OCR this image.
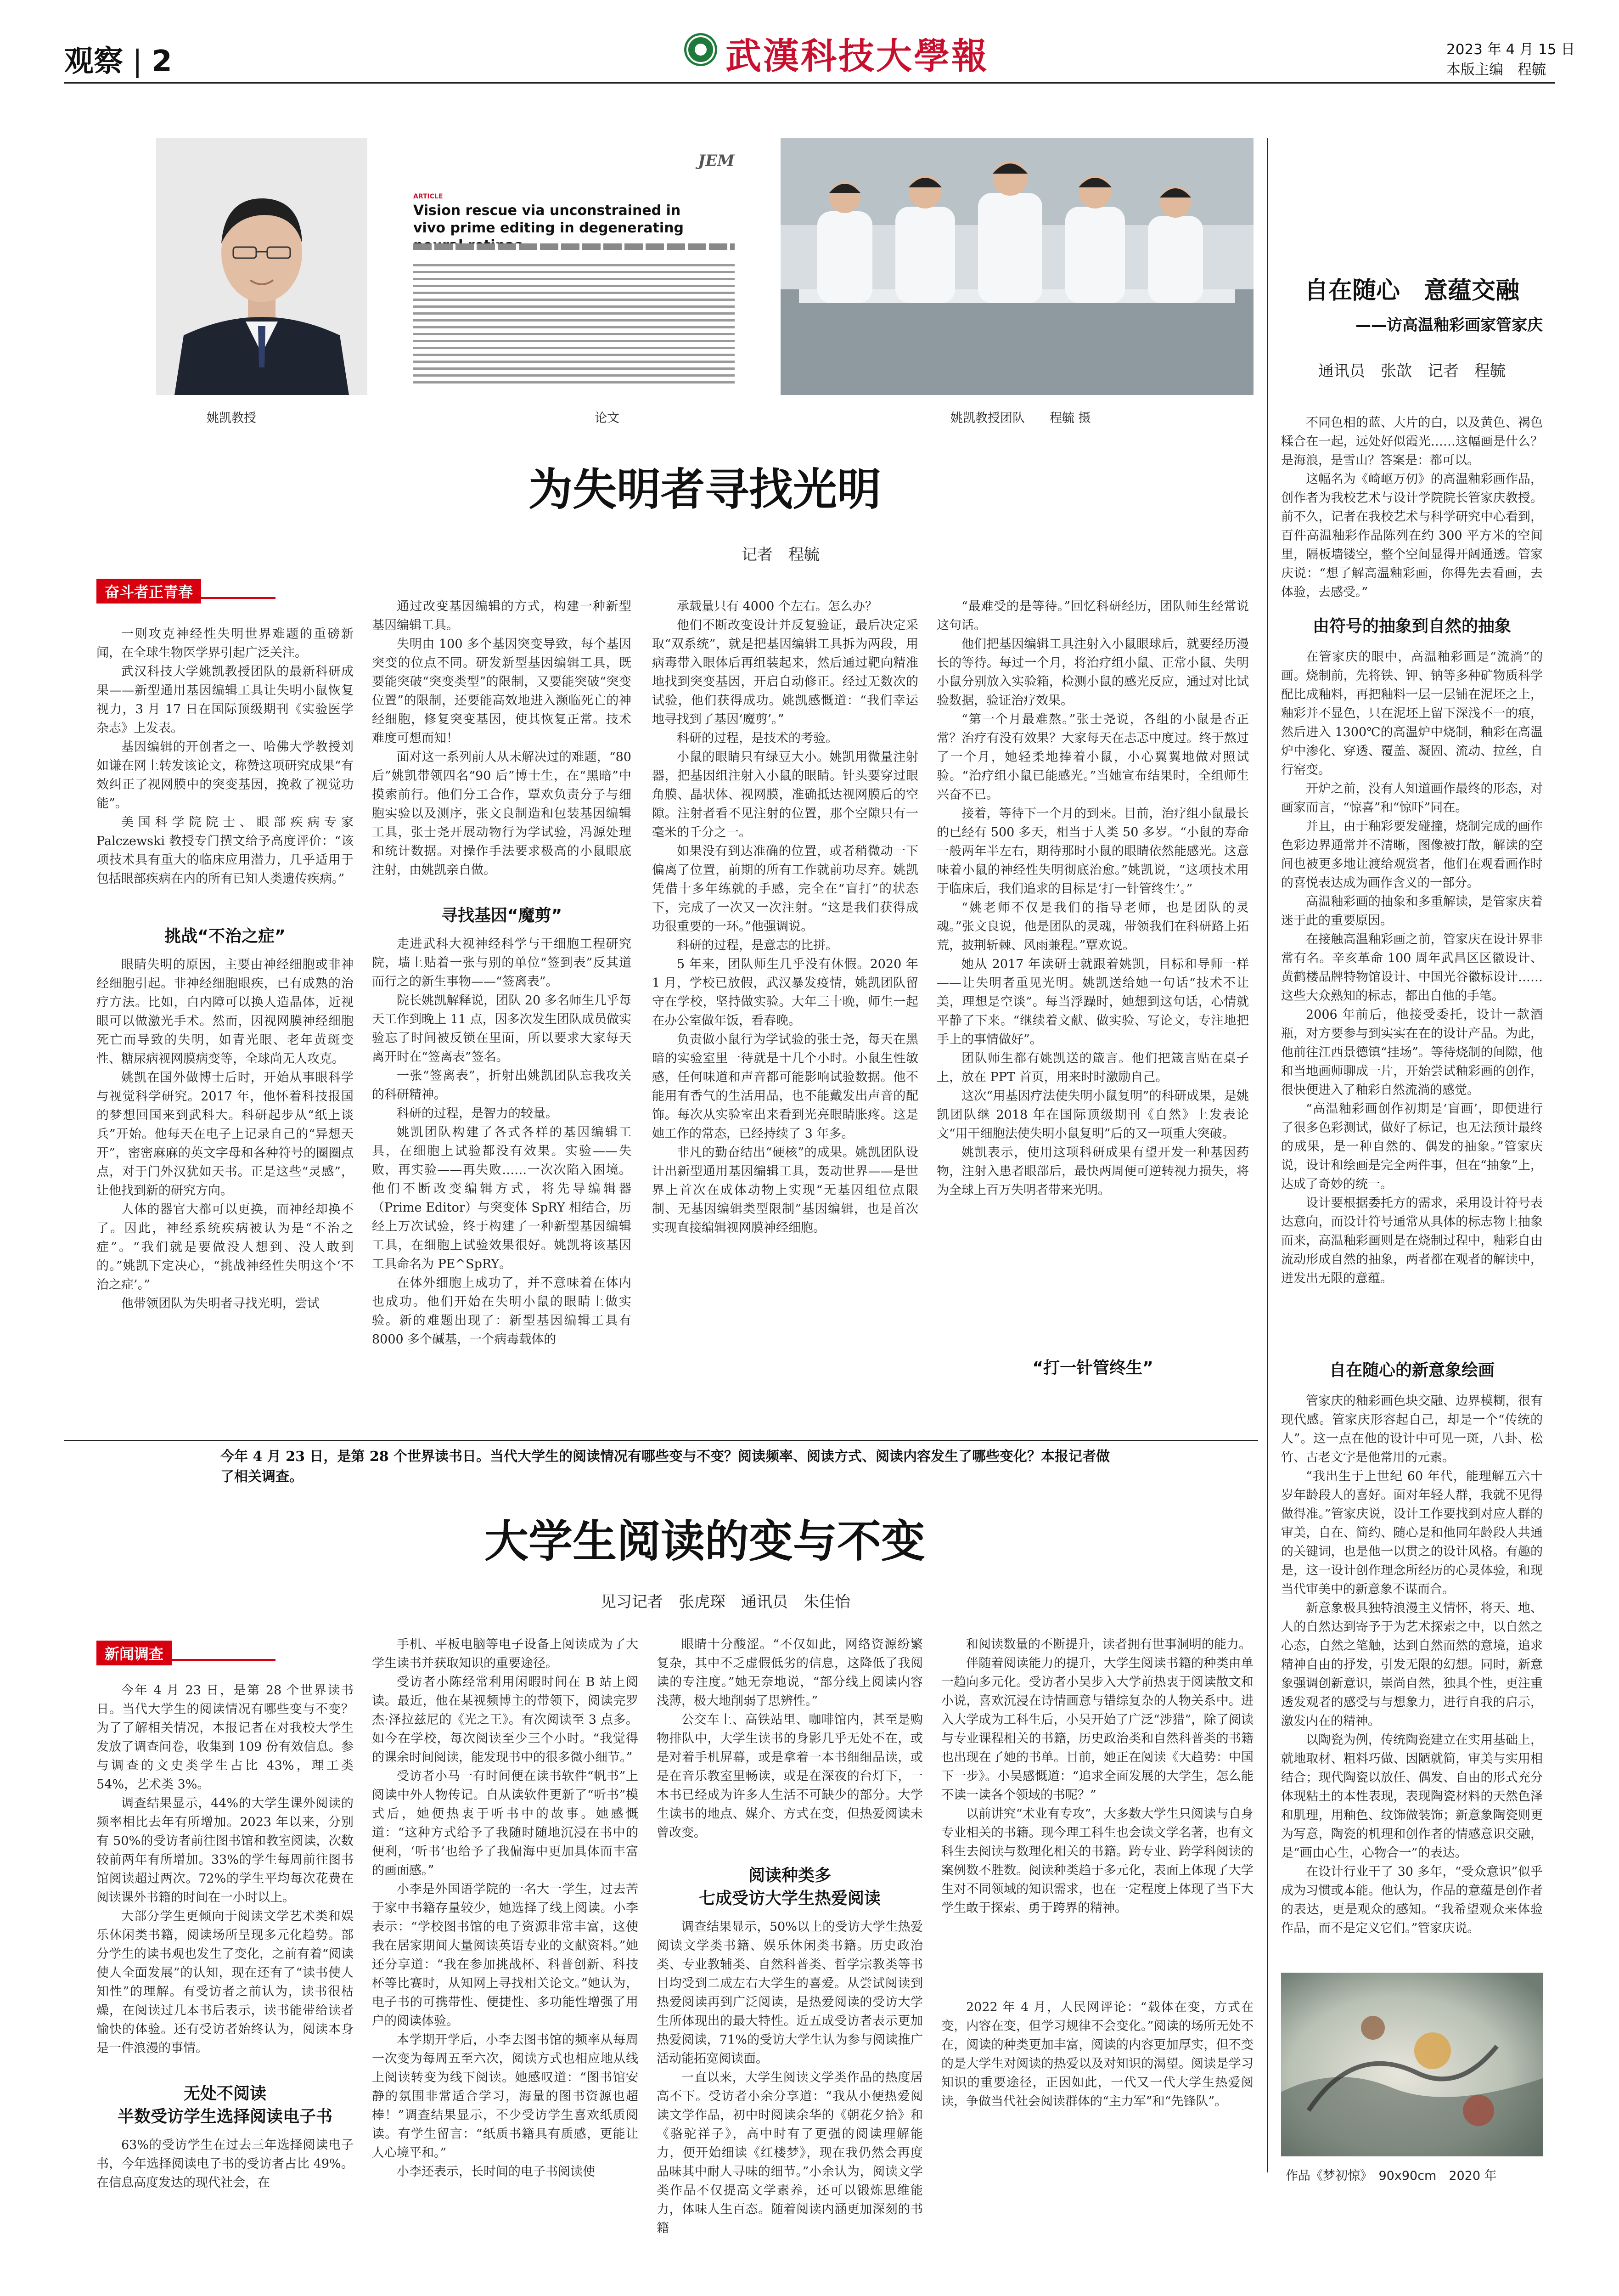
观察 | 2	武漢科技大學報	2023 年 4 月 15 日
本版主编　程毓
姚凯教授
JEM
ARTICLE
Vision rescue via unconstrained in vivo prime editing in degenerating
论文	姚凯教授团队　　程毓 摄
为失明者寻找光明
记者　程毓
奋斗者正青春

一则攻克神经性失明世界难题的重磅新闻，在全球生物医学界引起广泛关注。

武汉科技大学姚凯教授团队的最新科研成果——新型通用基因编辑工具让失明小鼠恢复视力，3 月 17 日在国际顶级期刊《实验医学杂志》上发表。

基因编辑的开创者之一、哈佛大学教授刘如谦在网上转发该论文，称赞这项研究成果“有效纠正了视网膜中的突变基因，挽救了视觉功能”。

美国科学院院士、眼部疾病专家 Palczewski 教授专门撰文给予高度评价：“该项技术具有重大的临床应用潜力，几乎适用于包括眼部疾病在内的所有已知人类遗传疾病。”

挑战“不治之症”

眼睛失明的原因，主要由神经细胞或非神经细胞引起。非神经细胞眼疾，已有成熟的治疗方法。比如，白内障可以换人造晶体，近视眼可以做激光手术。然而，因视网膜神经细胞死亡而导致的失明，如青光眼、老年黄斑变性、糖尿病视网膜病变等，全球尚无人攻克。

姚凯在国外做博士后时，开始从事眼科学与视觉科学研究。2017 年，他怀着科技报国的梦想回国来到武科大。科研起步从“纸上谈兵”开始。他每天在电子上记录自己的“异想天开”，密密麻麻的英文字母和各种符号的圈圈点点，对于门外汉犹如天书。正是这些“灵感”，让他找到新的研究方向。

人体的器官大都可以更换，而神经却换不了。因此，神经系统疾病被认为是“不治之症”。“我们就是要做没人想到、没人敢到的。”姚凯下定决心，“挑战神经性失明这个‘不治之症’。”

他带领团队为失明者寻找光明，尝试

通过改变基因编辑的方式，构建一种新型基因编辑工具。

失明由 100 多个基因突变导致，每个基因突变的位点不同。研发新型基因编辑工具，既要能突破“突变类型”的限制，又要能突破“突变位置”的限制，还要能高效地进入濒临死亡的神经细胞，修复突变基因，使其恢复正常。技术难度可想而知！

面对这一系列前人从未解决过的难题，“80 后”姚凯带领四名“90 后”博士生，在“黑暗”中摸索前行。他们分工合作，覃欢负责分子与细胞实验以及测序，张文良制造和包装基因编辑工具，张士尧开展动物行为学试验，冯源处理和统计数据。对操作手法要求极高的小鼠眼底注射，由姚凯亲自做。

寻找基因“魔剪”

走进武科大视神经科学与干细胞工程研究院，墙上贴着一张与别的单位“签到表”反其道而行之的新生事物——“签离表”。

院长姚凯解释说，团队 20 多名师生几乎每天工作到晚上 11 点，因多次发生团队成员做实验忘了时间被反锁在里面，所以要求大家每天离开时在“签离表”签名。

一张“签离表”，折射出姚凯团队忘我攻关的科研精神。

科研的过程，是智力的较量。

姚凯团队构建了各式各样的基因编辑工具，在细胞上试验都没有效果。实验——失败，再实验——再失败……一次次陷入困境。他们不断改变编辑方式，将先导编辑器（Prime Editor）与突变体 SpRY 相结合，历经上万次试验，终于构建了一种新型基因编辑工具，在细胞上试验效果很好。姚凯将该基因工具命名为 PE^SpRY。

在体外细胞上成功了，并不意味着在体内也成功。他们开始在失明小鼠的眼睛上做实验。新的难题出现了：新型基因编辑工具有 8000 多个碱基，一个病毒载体的

承载量只有 4000 个左右。怎么办？

他们不断改变设计并反复验证，最后决定采取“双系统”，就是把基因编辑工具拆为两段，用病毒带入眼体后再组装起来，然后通过靶向精准地找到突变基因，开启自动修正。经过无数次的试验，他们获得成功。姚凯感慨道：“我们幸运地寻找到了基因‘魔剪’。”

科研的过程，是技术的考验。

小鼠的眼睛只有绿豆大小。姚凯用微量注射器，把基因组注射入小鼠的眼睛。针头要穿过眼角膜、晶状体、视网膜，准确抵达视网膜后的空隙。注射者看不见注射的位置，那个空隙只有一毫米的千分之一。

如果没有到达准确的位置，或者稍微动一下偏离了位置，前期的所有工作就前功尽弃。姚凯凭借十多年练就的手感，完全在“盲打”的状态下，完成了一次又一次注射。“这是我们获得成功很重要的一环。”他强调说。

科研的过程，是意志的比拼。

5 年来，团队师生几乎没有休假。2020 年 1 月，学校已放假，武汉暴发疫情，姚凯团队留守在学校，坚持做实验。大年三十晚，师生一起在办公室做年饭，看春晚。

负责做小鼠行为学试验的张士尧，每天在黑暗的实验室里一待就是十几个小时。小鼠生性敏感，任何味道和声音都可能影响试验数据。他不能用有香气的生活用品，也不能戴发出声音的配饰。每次从实验室出来看到光亮眼睛胀疼。这是她工作的常态，已经持续了 3 年多。

非凡的勤奋结出“硬核”的成果。姚凯团队设计出新型通用基因编辑工具，轰动世界——是世界上首次在成体动物上实现“无基因组位点限制、无基因编辑类型限制”基因编辑，也是首次实现直接编辑视网膜神经细胞。

“最难受的是等待。”回忆科研经历，团队师生经常说这句话。

他们把基因编辑工具注射入小鼠眼球后，就要经历漫长的等待。每过一个月，将治疗组小鼠、正常小鼠、失明小鼠分别放入实验箱，检测小鼠的感光反应，通过对比试验数据，验证治疗效果。

“第一个月最难熬。”张士尧说，各组的小鼠是否正常？治疗有没有效果？大家每天在忐忑中度过。终于熬过了一个月，她轻柔地捧着小鼠，小心翼翼地做对照试验。“治疗组小鼠已能感光。”当她宣布结果时，全组师生兴奋不已。

接着，等待下一个月的到来。目前，治疗组小鼠最长的已经有 500 多天，相当于人类 50 多岁。“小鼠的寿命一般两年半左右，期待那时小鼠的眼睛依然能感光。这意味着小鼠的神经性失明彻底治愈。”姚凯说，“这项技术用于临床后，我们追求的目标是‘打一针管终生’。”

“姚老师不仅是我们的指导老师，也是团队的灵魂。”张文良说，他是团队的灵魂，带领我们在科研路上拓荒，披荆斩棘、风雨兼程。”覃欢说。

她从 2017 年读研士就跟着姚凯，目标和导师一样——让失明者重见光明。姚凯送给她一句话“技术不让美，理想是空谈”。每当浮躁时，她想到这句话，心情就平静了下来。“继续着文献、做实验、写论文，专注地把手上的事情做好”。

团队师生都有姚凯送的箴言。他们把箴言贴在桌子上，放在 PPT 首页，用来时时激励自己。

这次“用基因疗法使失明小鼠复明”的科研成果，是姚凯团队继 2018 年在国际顶级期刊《自然》上发表论文“用干细胞法使失明小鼠复明”后的又一项重大突破。

姚凯表示，使用这项科研成果有望开发一种基因药物，注射入患者眼部后，最快两周便可逆转视力损失，将为全球上百万失明者带来光明。

“打一针管终生”
自在随心　意蕴交融
——访高温釉彩画家管家庆
通讯员　张歆　记者　程毓

不同色相的蓝、大片的白，以及黄色、褐色糅合在一起，远处好似霞光……这幅画是什么？是海浪，是雪山？答案是：都可以。

这幅名为《崎岖万仞》的高温釉彩画作品，创作者为我校艺术与设计学院院长管家庆教授。前不久，记者在我校艺术与科学研究中心看到，百件高温釉彩作品陈列在约 300 平方米的空间里，隔板墙镂空，整个空间显得开阔通透。管家庆说：“想了解高温釉彩画，你得先去看画，去体验，去感受。”

由符号的抽象到自然的抽象

在管家庆的眼中，高温釉彩画是“流淌”的画。烧制前，先将铁、钾、钠等多种矿物质科学配比成釉料，再把釉料一层一层铺在泥坯之上，釉彩并不显色，只在泥坯上留下深浅不一的痕，然后进入 1300℃的高温炉中烧制，釉彩在高温炉中渗化、穿透、覆盖、凝固、流动、拉丝，自行窑变。

开炉之前，没有人知道画作最终的形态，对画家而言，“惊喜”和“惊吓”同在。

并且，由于釉彩要发碰撞，烧制完成的画作色彩边界通常并不清晰，图像被打散，解读的空间也被更多地让渡给观赏者，他们在观看画作时的喜悦表达成为画作含义的一部分。

高温釉彩画的抽象和多重解读，是管家庆着迷于此的重要原因。

在接触高温釉彩画之前，管家庆在设计界非常有名。辛亥革命 100 周年武昌区区徽设计、黄鹤楼品牌特物馆设计、中国光谷徽标设计……这些大众熟知的标志，都出自他的手笔。

2006 年前后，他接受委托，设计一款酒瓶，对方要参与到实实在在的设计产品。为此，他前往江西景德镇“挂场”。等待烧制的间隙，他和当地画师聊成一片，开始尝试釉彩画的创作，很快便进入了釉彩自然流淌的感觉。

“高温釉彩画创作初期是‘盲画’，即便进行了很多色彩测试，做好了标记，也无法预计最终的成果，是一种自然的、偶发的抽象。”管家庆说，设计和绘画是完全两件事，但在“抽象”上，达成了奇妙的统一。

设计要根据委托方的需求，采用设计符号表达意向，而设计符号通常从具体的标志物上抽象而来，高温釉彩画则是在烧制过程中，釉彩自由流动形成自然的抽象，两者都在观者的解读中，迸发出无限的意蕴。

自在随心的新意象绘画

管家庆的釉彩画色块交融、边界模糊，很有现代感。管家庆形容起自己，却是一个“传统的人”。这一点在他的设计中可见一斑，八卦、松竹、古老文字是他常用的元素。

“我出生于上世纪 60 年代，能理解五六十岁年龄段人的喜好。面对年轻人群，我就不见得做得准。”管家庆说，设计工作要找到对应人群的审美，自在、简约、随心是和他同年龄段人共通的关键词，也是他一以贯之的设计风格。有趣的是，这一设计创作理念所经历的心灵体验，和现当代审美中的新意象不谋而合。

新意象极具独特浪漫主义情怀，将天、地、人的自然达到寄予于为艺术探索之中，以自然之心态，自然之笔触，达到自然而然的意境，追求精神自由的抒发，引发无限的幻想。同时，新意象强调创新意识，崇尚自然，独具个性，更注重透发观者的感受与与想象力，进行自我的启示，激发内在的精神。

以陶瓷为例，传统陶瓷建立在实用基础上，就地取材、粗料巧做、因陋就简，审美与实用相结合；现代陶瓷以放任、偶发、自由的形式充分体现粘土的本性表现，表现陶瓷材料的天然色泽和肌理，用釉色、纹饰做装饰；新意象陶瓷则更为写意，陶瓷的机理和创作者的情感意识交融，是“画由心生，心物合一”的表达。

在设计行业干了 30 多年，“受众意识”似乎成为习惯或本能。他认为，作品的意蕴是创作者的表达，更是观众的感知。“我希望观众来体验作品，而不是定义它们。”管家庆说。

作品《梦初惊》　90x90cm　2020 年
今年 4 月 23 日，是第 28 个世界读书日。当代大学生的阅读情况有哪些变与不变？阅读频率、阅读方式、阅读内容发生了哪些变化？本报记者做了相关调查。
大学生阅读的变与不变
见习记者　张虎琛　通讯员　朱佳怡
新闻调查

今年 4 月 23 日，是第 28 个世界读书日。当代大学生的阅读情况有哪些变与不变？为了了解相关情况，本报记者在对我校大学生发放了调查问卷，收集到 109 份有效信息。参与调查的文史类学生占比 43%，理工类 54%，艺术类 3%。

调查结果显示，44%的大学生课外阅读的频率相比去年有所增加。2023 年以来，分别有 50%的受访者前往图书馆和教室阅读，次数较前两年有所增加。33%的学生每周前往图书馆阅读超过两次。72%的学生平均每次花费在阅读课外书籍的时间在一小时以上。

大部分学生更倾向于阅读文学艺术类和娱乐休闲类书籍，阅读场所呈现多元化趋势。部分学生的读书观也发生了变化，之前有着“阅读使人全面发展”的认知，现在还有了“读书使人知性”的理解。有受访者之前认为，读书很枯燥，在阅读过几本书后表示，读书能带给读者愉快的体验。还有受访者始终认为，阅读本身是一件浪漫的事情。

无处不阅读
半数受访学生选择阅读电子书

63%的受访学生在过去三年选择阅读电子书，今年选择阅读电子书的受访者占比 49%。在信息高度发达的现代社会，在

手机、平板电脑等电子设备上阅读成为了大学生读书并获取知识的重要途径。

受访者小陈经常利用闲暇时间在 B 站上阅读。最近，他在某视频博主的带领下，阅读完罗杰·泽拉兹尼的《光之王》。有次阅读至 3 点多。如今在学校，每次阅读至少三个小时。“我觉得的课余时间阅读，能发现书中的很多微小细节。”

受访者小马一有时间便在读书软件“帆书”上阅读中外人物传记。自从读软件更新了“听书”模式后，她便热衷于听书中的故事。她感慨道：“这种方式给予了我随时随地沉浸在书中的便利，‘听书’也给予了我偏海中更加具体而丰富的画面感。”

小李是外国语学院的一名大一学生，过去苦于家中书籍存量较少，她选择了线上阅读。小李表示：“学校图书馆的电子资源非常丰富，这使我在居家期间大量阅读英语专业的文献资料。”她还分享道：“我在参加挑战杯、科普创新、科技杯等比赛时，从知网上寻找相关论文。”她认为，电子书的可携带性、便捷性、多功能性增强了用户的阅读体验。

本学期开学后，小李去图书馆的频率从每周一次变为每周五至六次，阅读方式也相应地从线上阅读转变为线下阅读。她感叹道：“图书馆安静的氛围非常适合学习，海量的图书资源也超棒！”调查结果显示，不少受访学生喜欢纸质阅读。有学生留言：“纸质书籍具有质感，更能让人心境平和。”

小李还表示，长时间的电子书阅读使

眼睛十分酸涩。“不仅如此，网络资源纷繁复杂，其中不乏虚假低劣的信息，这降低了我阅读的专注度。”她无奈地说，“部分线上阅读内容浅薄，极大地削弱了思辨性。”

公交车上、高铁站里、咖啡馆内，甚至是购物排队中，大学生读书的身影几乎无处不在，或是对着手机屏幕，或是拿着一本书细细品读，或是在音乐教室里畅读，或是在深夜的台灯下，一本书已经成为许多人生活不可缺少的部分。大学生读书的地点、媒介、方式在变，但热爱阅读未曾改变。

阅读种类多
七成受访大学生热爱阅读

调查结果显示，50%以上的受访大学生热爱阅读文学类书籍、娱乐休闲类书籍。历史政治类、专业教辅类、自然科普类、哲学宗教类等书目均受到二成左右大学生的喜爱。从尝试阅读到热爱阅读再到广泛阅读，是热爱阅读的受访大学生所体现出的最大特性。近五成受访者表示更加热爱阅读，71%的受访大学生认为参与阅读推广活动能拓宽阅读面。

一直以来，大学生阅读文学类作品的热度居高不下。受访者小余分享道：“我从小便热爱阅读文学作品，初中时阅读余华的《朝花夕拾》和《骆驼祥子》，高中时有了更强的阅读理解能力，便开始细读《红楼梦》，现在我仍然会再度品味其中耐人寻味的细节。”小余认为，阅读文学类作品不仅提高文学素养，还可以锻炼思维能力，体味人生百态。随着阅读内涵更加深刻的书籍

和阅读数量的不断提升，读者拥有世事洞明的能力。

伴随着阅读能力的提升，大学生阅读书籍的种类由单一趋向多元化。受访者小吴步入大学前热衷于阅读散文和小说，喜欢沉浸在诗情画意与错综复杂的人物关系中。进入大学成为工科生后，小吴开始了广泛“涉猎”，除了阅读与专业课程相关的书籍，历史政治类和自然科普类的书籍也出现在了她的书单。目前，她正在阅读《大趋势：中国下一步》。小吴感慨道：“追求全面发展的大学生，怎么能不读一读各个领域的书呢？”

以前讲究“术业有专攻”，大多数大学生只阅读与自身专业相关的书籍。现今理工科生也会读文学名著，也有文科生去阅读与数理化相关的书籍。跨专业、跨学科阅读的案例数不胜数。阅读种类趋于多元化，表面上体现了大学生对不同领域的知识需求，也在一定程度上体现了当下大学生敢于探索、勇于跨界的精神。

2022 年 4 月，人民网评论：“载体在变，方式在变，内容在变，但学习规律不会变化。”阅读的场所无处不在，阅读的种类更加丰富，阅读的内容更加厚实，但不变的是大学生对阅读的热爱以及对知识的渴望。阅读是学习知识的重要途径，正因如此，一代又一代大学生热爱阅读，争做当代社会阅读群体的“主力军”和“先锋队”。
